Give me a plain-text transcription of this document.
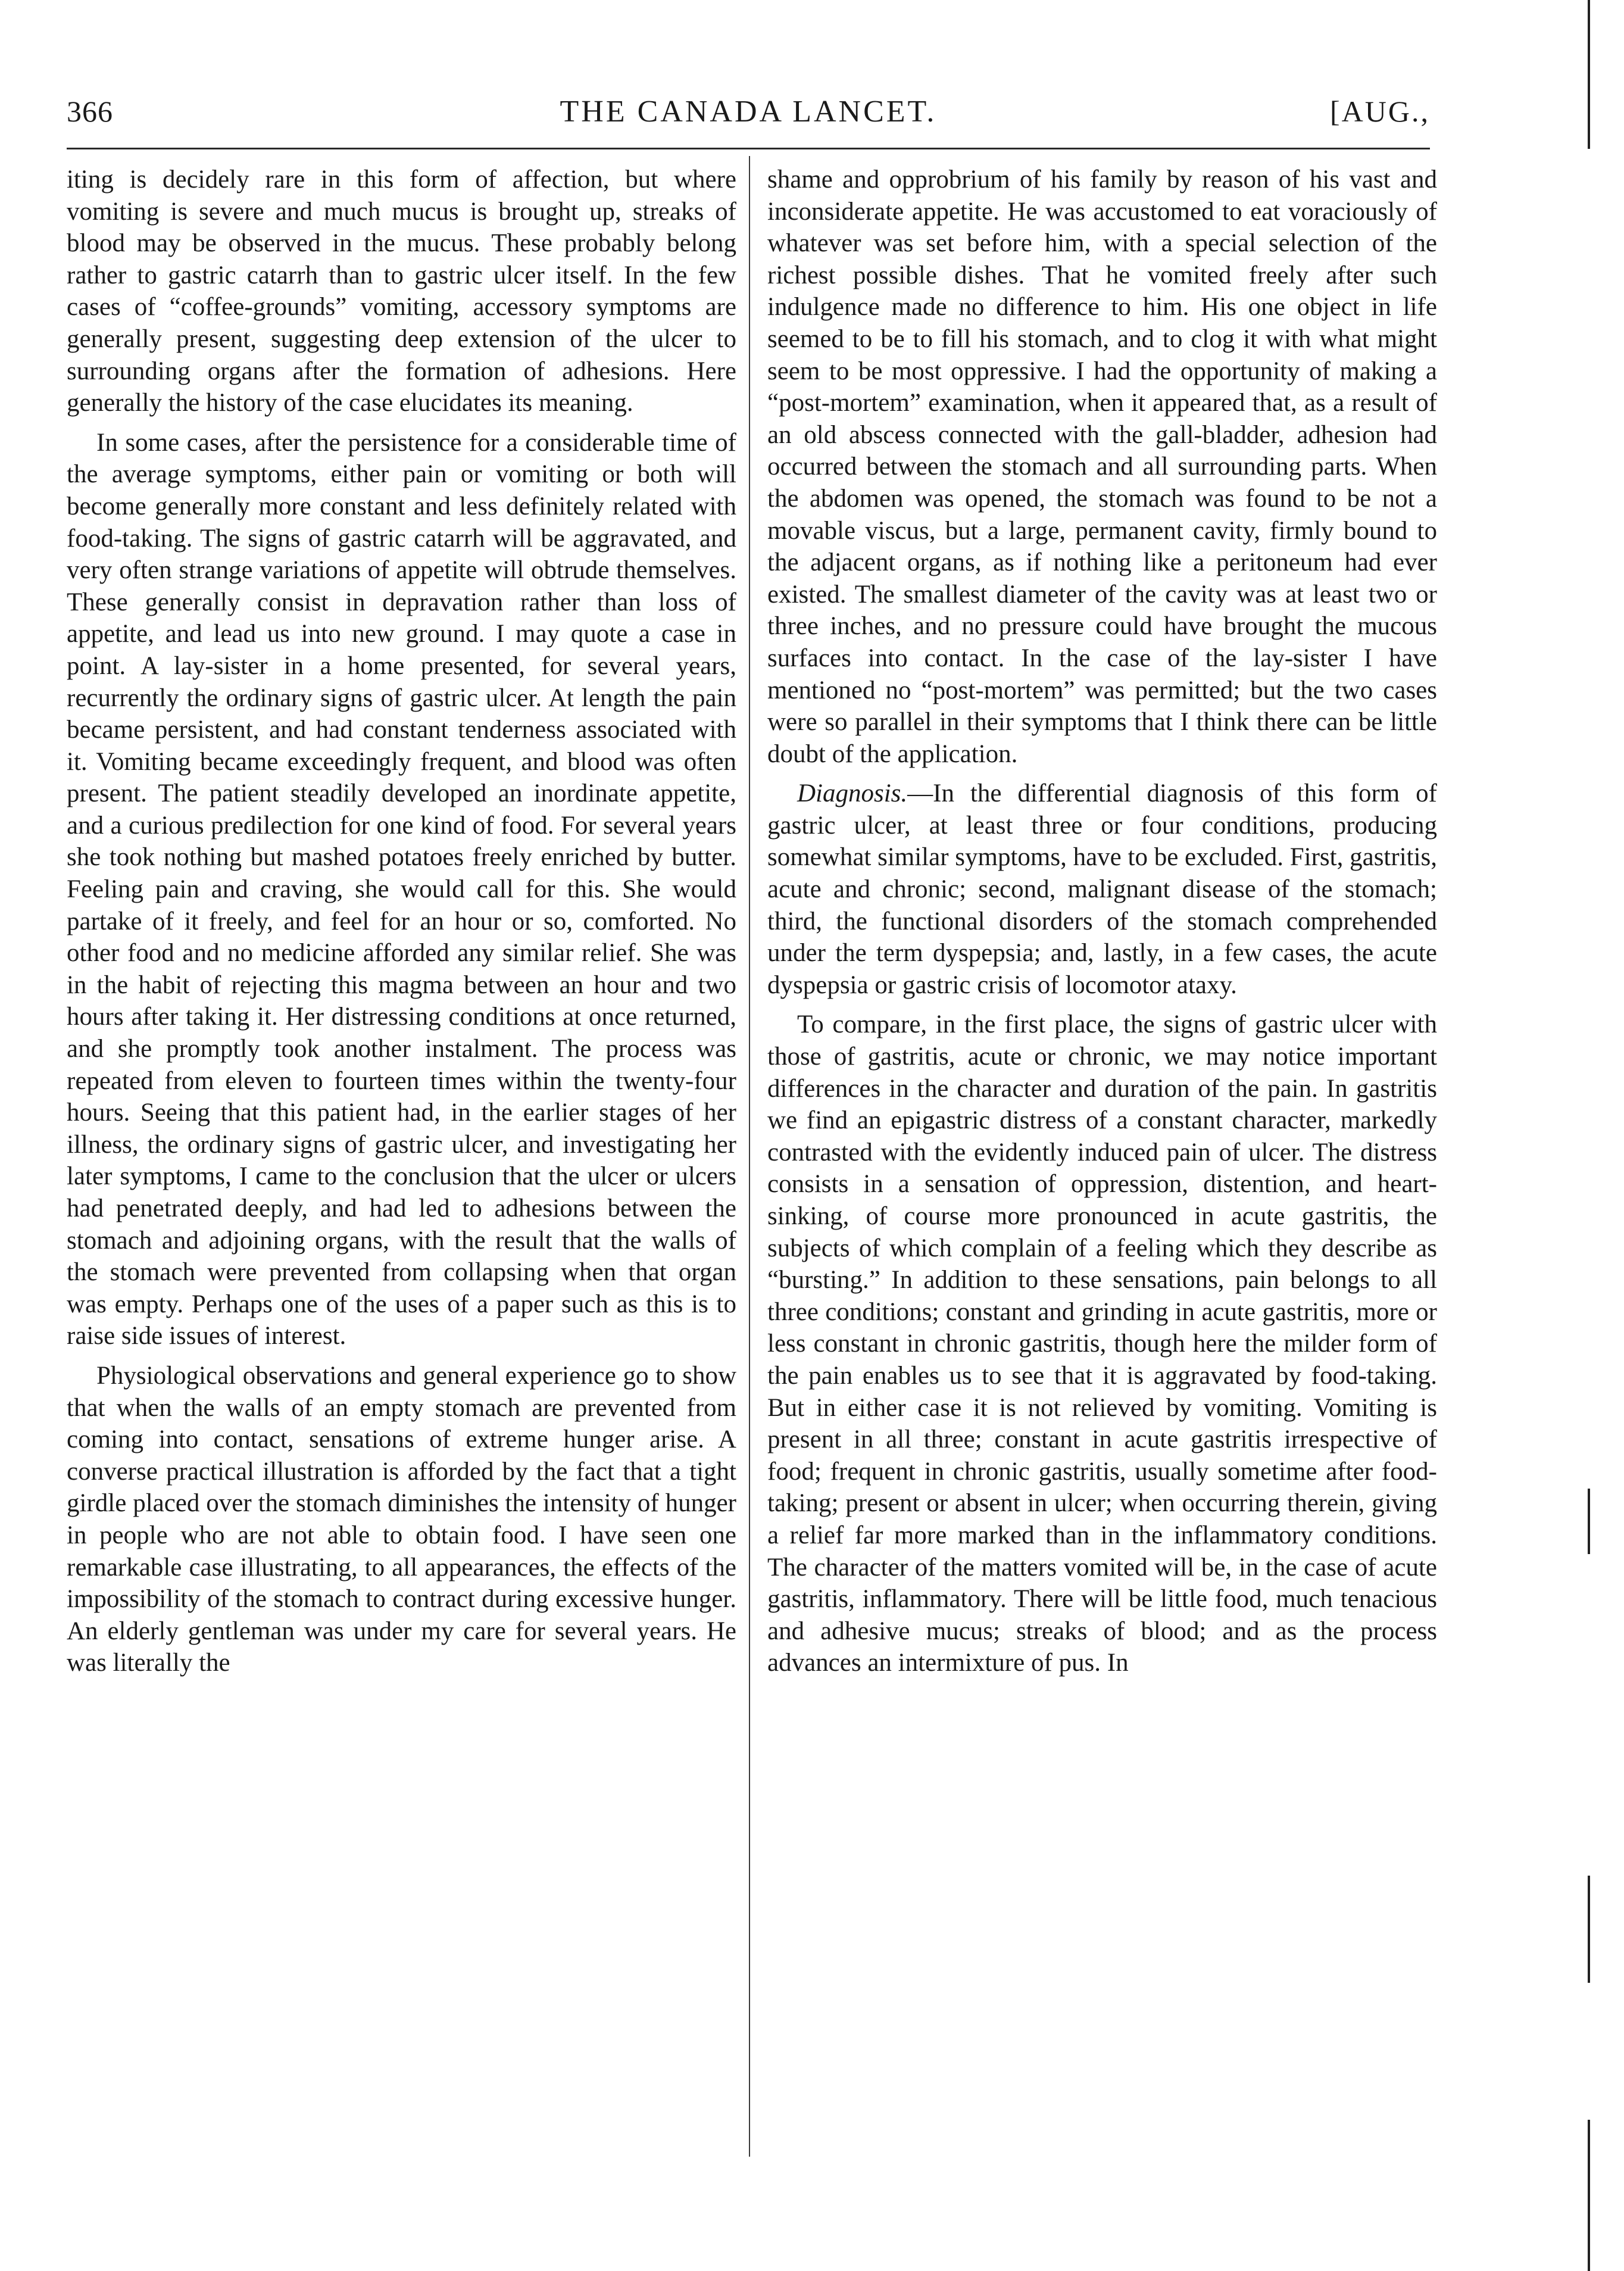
366	THE CANADA LANCET.	[AUG.,

iting is decidely rare in this form of affection, but where vomiting is severe and much mucus is brought up, streaks of blood may be observed in the mucus. These probably belong rather to gastric catarrh than to gastric ulcer itself. In the few cases of “coffee-grounds” vomiting, accessory symptoms are generally present, suggesting deep extension of the ulcer to surrounding organs after the formation of adhesions. Here generally the history of the case elucidates its meaning.

In some cases, after the persistence for a considerable time of the average symptoms, either pain or vomiting or both will become generally more constant and less definitely related with food-taking. The signs of gastric catarrh will be aggravated, and very often strange variations of appetite will obtrude themselves. These generally consist in depravation rather than loss of appetite, and lead us into new ground. I may quote a case in point. A lay-sister in a home presented, for several years, recurrently the ordinary signs of gastric ulcer. At length the pain became persistent, and had constant tenderness associated with it. Vomiting became exceedingly frequent, and blood was often present. The patient steadily developed an inordinate appetite, and a curious predilection for one kind of food. For several years she took nothing but mashed potatoes freely enriched by butter. Feeling pain and craving, she would call for this. She would partake of it freely, and feel for an hour or so, comforted. No other food and no medicine afforded any similar relief. She was in the habit of rejecting this magma between an hour and two hours after taking it. Her distressing conditions at once returned, and she promptly took another instalment. The process was repeated from eleven to fourteen times within the twenty-four hours. Seeing that this patient had, in the earlier stages of her illness, the ordinary signs of gastric ulcer, and investigating her later symptoms, I came to the conclusion that the ulcer or ulcers had penetrated deeply, and had led to adhesions between the stomach and adjoining organs, with the result that the walls of the stomach were prevented from collapsing when that organ was empty. Perhaps one of the uses of a paper such as this is to raise side issues of interest.

Physiological observations and general experience go to show that when the walls of an empty stomach are prevented from coming into contact, sensations of extreme hunger arise. A converse practical illustration is afforded by the fact that a tight girdle placed over the stomach diminishes the intensity of hunger in people who are not able to obtain food. I have seen one remarkable case illustrating, to all appearances, the effects of the impossibility of the stomach to contract during excessive hunger. An elderly gentleman was under my care for several years. He was literally the

shame and opprobrium of his family by reason of his vast and inconsiderate appetite. He was accustomed to eat voraciously of whatever was set before him, with a special selection of the richest possible dishes. That he vomited freely after such indulgence made no difference to him. His one object in life seemed to be to fill his stomach, and to clog it with what might seem to be most oppressive. I had the opportunity of making a “post-mortem” examination, when it appeared that, as a result of an old abscess connected with the gall-bladder, adhesion had occurred between the stomach and all surrounding parts. When the abdomen was opened, the stomach was found to be not a movable viscus, but a large, permanent cavity, firmly bound to the adjacent organs, as if nothing like a peritoneum had ever existed. The smallest diameter of the cavity was at least two or three inches, and no pressure could have brought the mucous surfaces into contact. In the case of the lay-sister I have mentioned no “post-mortem” was permitted; but the two cases were so parallel in their symptoms that I think there can be little doubt of the application.

Diagnosis.—In the differential diagnosis of this form of gastric ulcer, at least three or four conditions, producing somewhat similar symptoms, have to be excluded. First, gastritis, acute and chronic; second, malignant disease of the stomach; third, the functional disorders of the stomach comprehended under the term dyspepsia; and, lastly, in a few cases, the acute dyspepsia or gastric crisis of locomotor ataxy.

To compare, in the first place, the signs of gastric ulcer with those of gastritis, acute or chronic, we may notice important differences in the character and duration of the pain. In gastritis we find an epigastric distress of a constant character, markedly contrasted with the evidently induced pain of ulcer. The distress consists in a sensation of oppression, distention, and heart-sinking, of course more pronounced in acute gastritis, the subjects of which complain of a feeling which they describe as “bursting.” In addition to these sensations, pain belongs to all three conditions; constant and grinding in acute gastritis, more or less constant in chronic gastritis, though here the milder form of the pain enables us to see that it is aggravated by food-taking. But in either case it is not relieved by vomiting. Vomiting is present in all three; constant in acute gastritis irrespective of food; frequent in chronic gastritis, usually sometime after food-taking; present or absent in ulcer; when occurring therein, giving a relief far more marked than in the inflammatory conditions. The character of the matters vomited will be, in the case of acute gastritis, inflammatory. There will be little food, much tenacious and adhesive mucus; streaks of blood; and as the process advances an intermixture of pus. In
